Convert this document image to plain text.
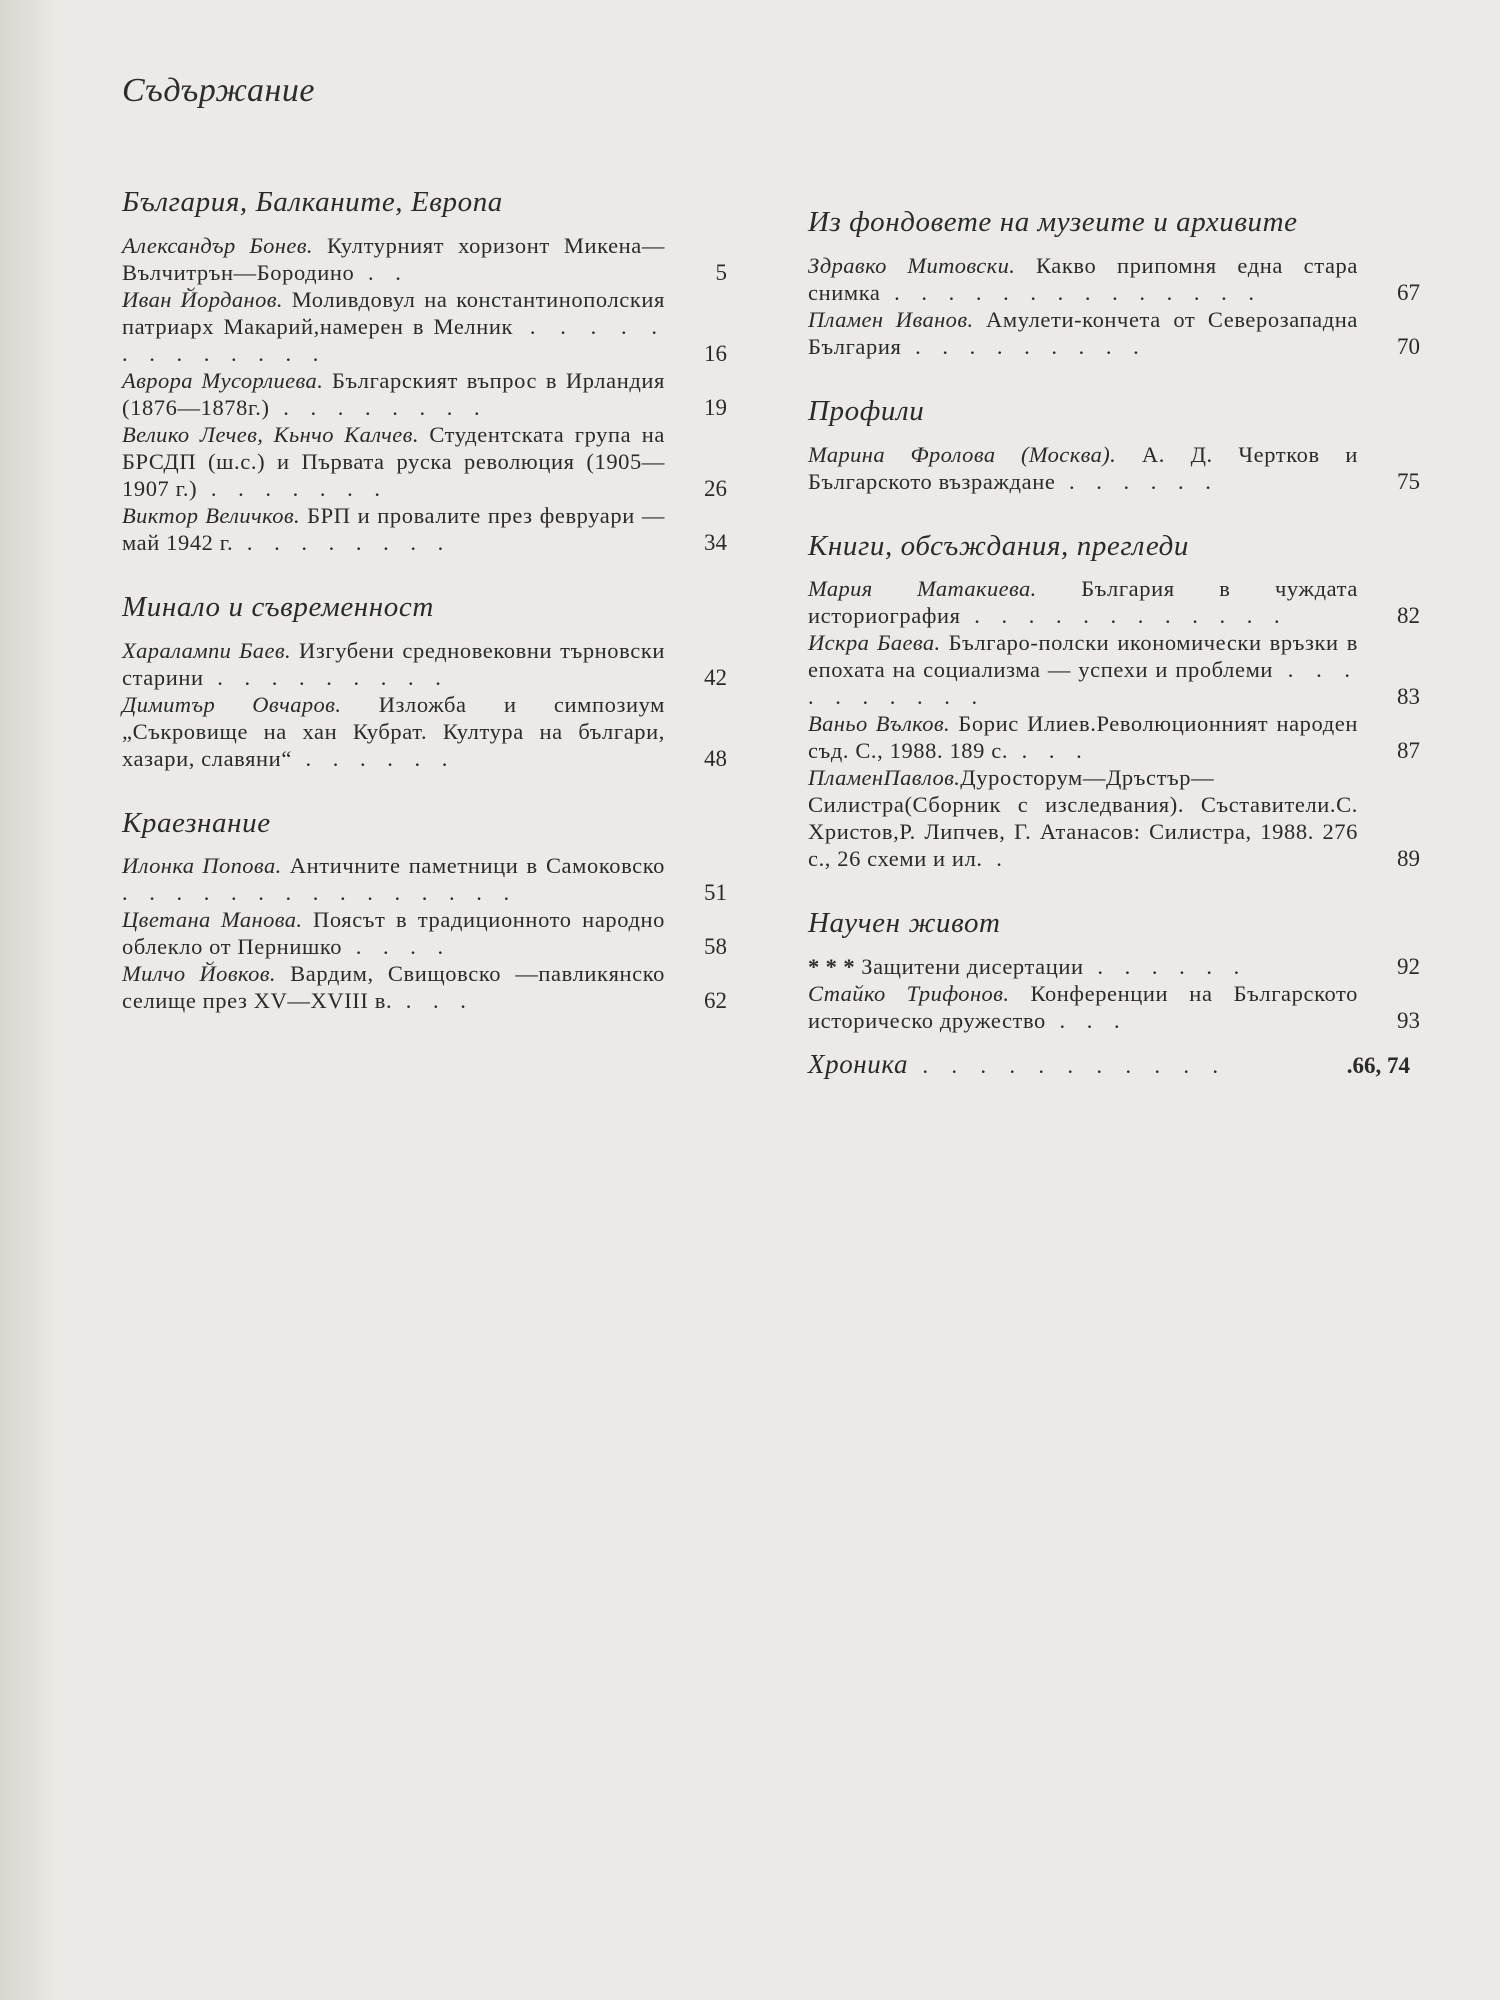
Съдържание
България, Балканите, Европа
Александър Бонев. Културният хоризонт Микена—Вълчитрън—Бородино . .	5
Иван Йорданов. Моливдовул на константинополския патриарх Макарий,намерен в Мелник . . . . . . . . . . . . .	16
Аврора Мусорлиева. Българският въпрос в Ирландия (1876—1878г.) . . . . . . . .	19
Велико Лечев, Кьнчо Калчев. Студентската група на БРСДП (ш.с.) и Първата руска революция (1905—1907 г.) . . . . . . .	26
Виктор Величков. БРП и провалите през февруари — май 1942 г. . . . . . . . .	34
Минало и съвременност
Харалампи Баев. Изгубени средновековни търновски старини . . . . . . . . .	42
Димитър Овчаров. Изложба и симпозиум „Съкровище на хан Кубрат. Култура на българи, хазари, славяни“ . . . . . .	48
Краезнание
Илонка Попова. Античните паметници в Самоковско . . . . . . . . . . . . . . .	51
Цветана Манова. Поясът в традиционното народно облекло от Пернишко . . . .	58
Милчо Йовков. Вардим, Свищовско —павликянско селище през XV—XVIII в. . . .	62
Из фондовете на музеите и архивите
Здравко Митовски. Какво припомня една стара снимка . . . . . . . . . . . . . .	67
Пламен Иванов. Амулети-кончета от Северозападна България . . . . . . . . .	70
Профили
Марина Фролова (Москва). А. Д. Чертков и Българското възраждане . . . . . .	75
Книги, обсъждания, прегледи
Мария Матакиева. България в чуждата историография . . . . . . . . . . . .	82
Искра Баева. Българо-полски икономически връзки в епохата на социализма — успехи и проблеми . . . . . . . . . .	83
Ваньо Вълков. Борис Илиев.Революционният народен съд. С., 1988. 189 с. . . .	87
ПламенПавлов.Дуросторум—Дръстър—Силистра(Сборник с изследвания). Съставители.С. Христов,Р. Липчев, Г. Атанасов: Силистра, 1988. 276 с., 26 схеми и ил. .	89
Научен живот
* * * Защитени дисертации . . . . . .	92
Стайко Трифонов. Конференции на Българското историческо дружество . . .	93
Хроника . . . . . . . . . . .	.66, 74
